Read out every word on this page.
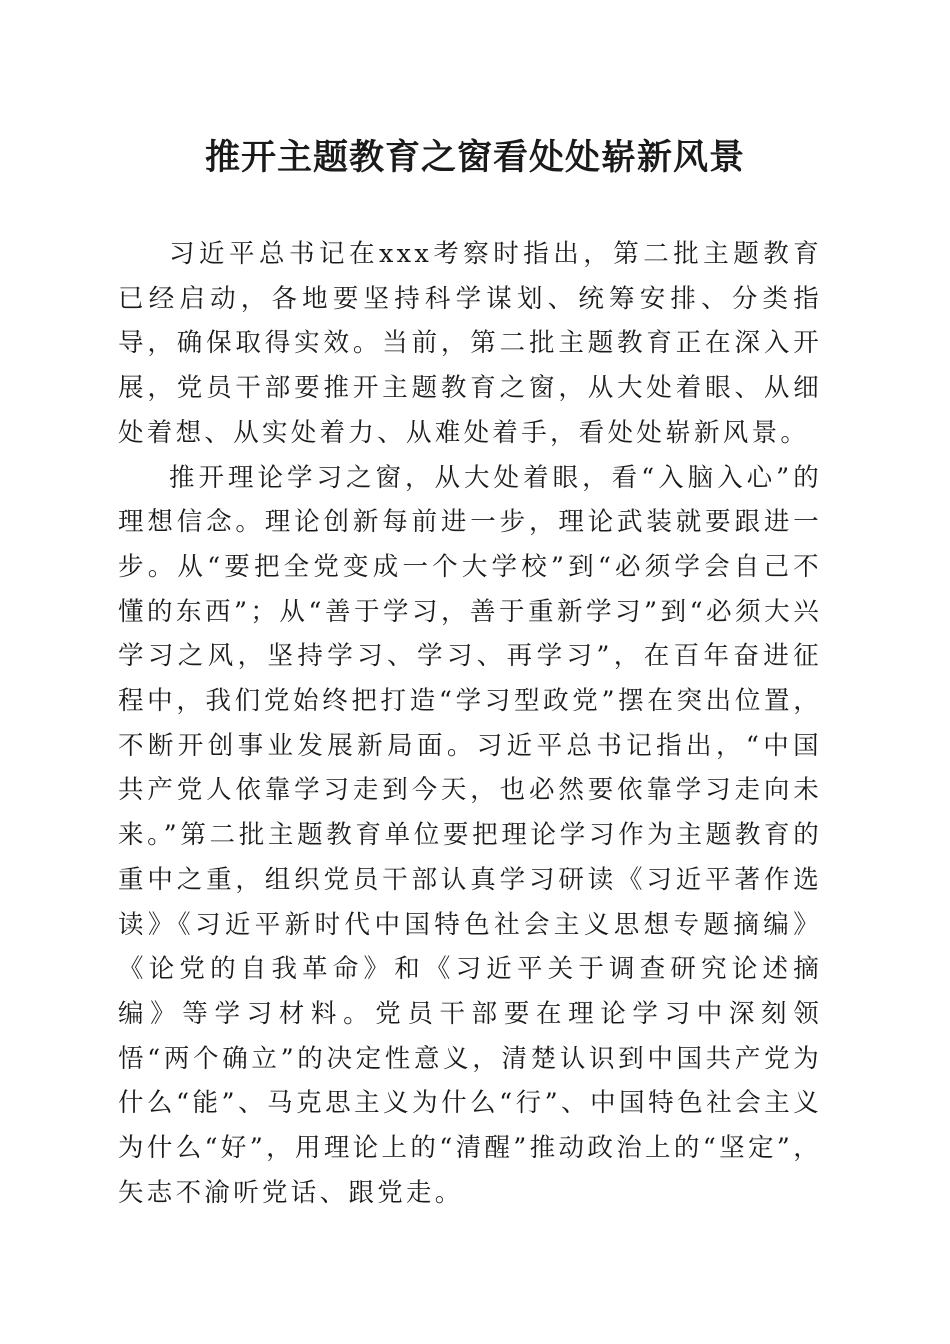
推开主题教育之窗看处处崭新风景

习近平总书记在xxx考察时指出，第二批主题教育已经启动，各地要坚持科学谋划、统筹安排、分类指导，确保取得实效。当前，第二批主题教育正在深入开展，党员干部要推开主题教育之窗，从大处着眼、从细处着想、从实处着力、从难处着手，看处处崭新风景。

推开理论学习之窗，从大处着眼，看“入脑入心”的理想信念。理论创新每前进一步，理论武装就要跟进一步。从“要把全党变成一个大学校”到“必须学会自己不懂的东西”；从“善于学习，善于重新学习”到“必须大兴学习之风，坚持学习、学习、再学习”，在百年奋进征程中，我们党始终把打造“学习型政党”摆在突出位置，不断开创事业发展新局面。习近平总书记指出，“中国共产党人依靠学习走到今天，也必然要依靠学习走向未来。”第二批主题教育单位要把理论学习作为主题教育的重中之重，组织党员干部认真学习研读《习近平著作选读》《习近平新时代中国特色社会主义思想专题摘编》《论党的自我革命》和《习近平关于调查研究论述摘编》等学习材料。党员干部要在理论学习中深刻领悟“两个确立”的决定性意义，清楚认识到中国共产党为什么“能”、马克思主义为什么“行”、中国特色社会主义为什么“好”，用理论上的“清醒”推动政治上的“坚定”，矢志不渝听党话、跟党走。
